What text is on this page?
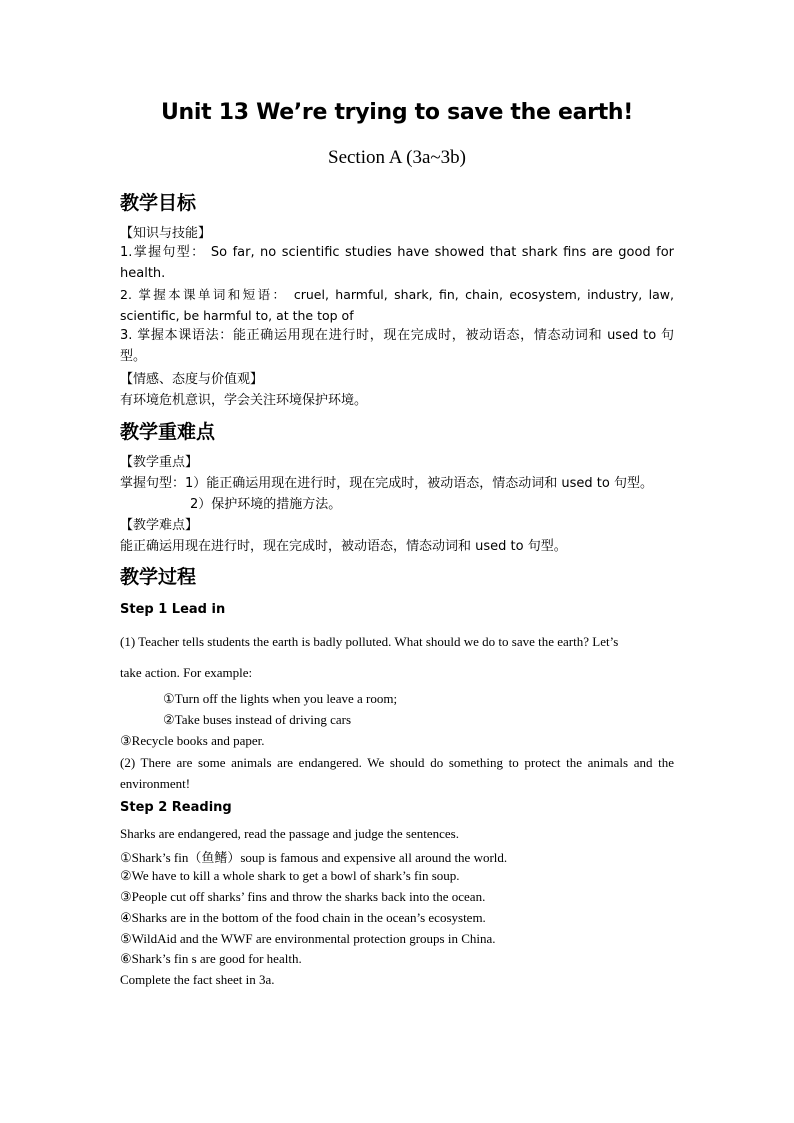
Unit 13 We’re trying to save the earth!
Section A (3a~3b)
教学目标
【知识与技能】
1.掌握句型： So far, no scientific studies have showed that shark fins are good for health.
2. 掌握本课单词和短语： cruel, harmful, shark, fin, chain, ecosystem, industry, law, scientific, be harmful to, at the top of
3. 掌握本课语法：能正确运用现在进行时，现在完成时，被动语态，情态动词和 used to 句型。
【情感、态度与价值观】
有环境危机意识，学会关注环境保护环境。
教学重难点
【教学重点】
掌握句型：1）能正确运用现在进行时，现在完成时，被动语态，情态动词和 used to 句型。
2）保护环境的措施方法。
【教学难点】
能正确运用现在进行时，现在完成时，被动语态，情态动词和 used to 句型。
教学过程
Step 1 Lead in
(1) Teacher tells students the earth is badly polluted. What should we do to save the earth? Let’s
take action. For example:
①Turn off the lights when you leave a room;
②Take buses instead of driving cars
③Recycle books and paper.
(2) There are some animals are endangered. We should do something to protect the animals and the environment!
Step 2 Reading
Sharks are endangered, read the passage and judge the sentences.
①Shark’s fin（鱼鳍）soup is famous and expensive all around the world.
②We have to kill a whole shark to get a bowl of shark’s fin soup.
③People cut off sharks’ fins and throw the sharks back into the ocean.
④Sharks are in the bottom of the food chain in the ocean’s ecosystem.
⑤WildAid and the WWF are environmental protection groups in China.
⑥Shark’s fin s are good for health.
Complete the fact sheet in 3a.
